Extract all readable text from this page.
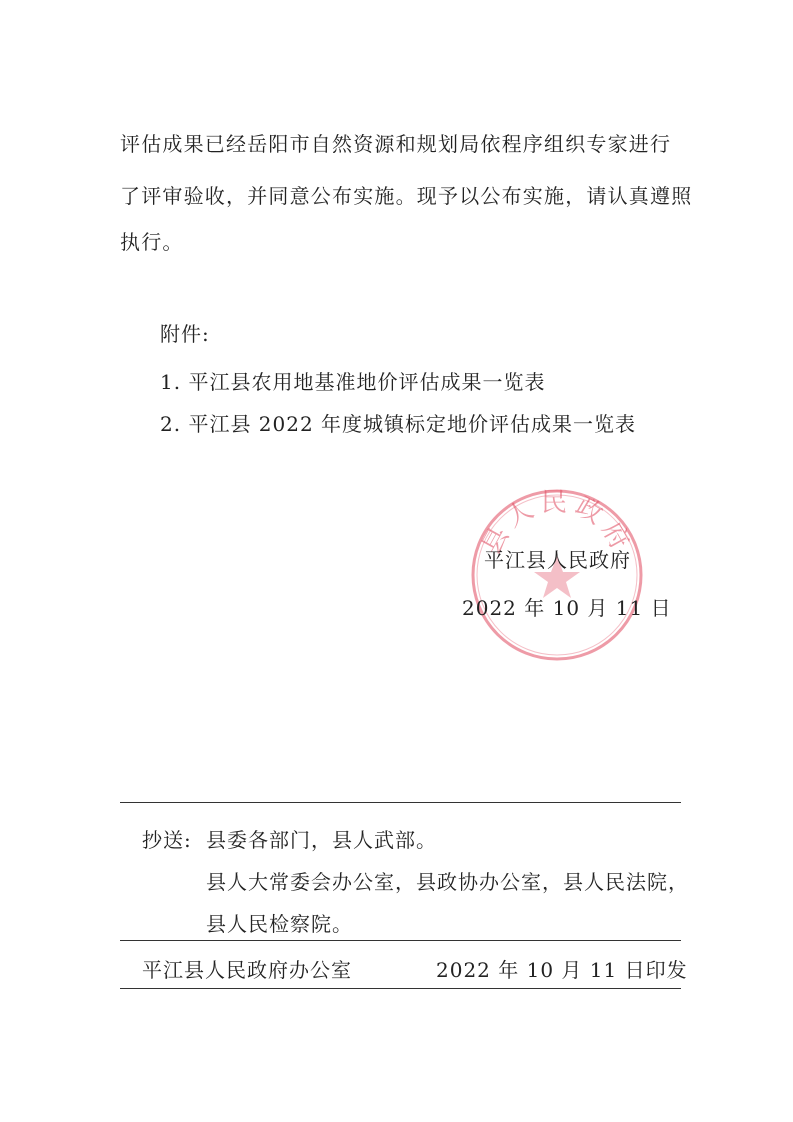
评估成果已经岳阳市自然资源和规划局依程序组织专家进行
了评审验收，并同意公布实施。现予以公布实施，请认真遵照
执行。
附件:
1. 平江县农用地基准地价评估成果一览表
2. 平江县 2022 年度城镇标定地价评估成果一览表
县人民政府
平江县人民政府
2022 年 10 月 11 日
抄送: 县委各部门，县人武部。
县人大常委会办公室，县政协办公室，县人民法院，
县人民检察院。
平江县人民政府办公室	2022 年 10 月 11 日印发
